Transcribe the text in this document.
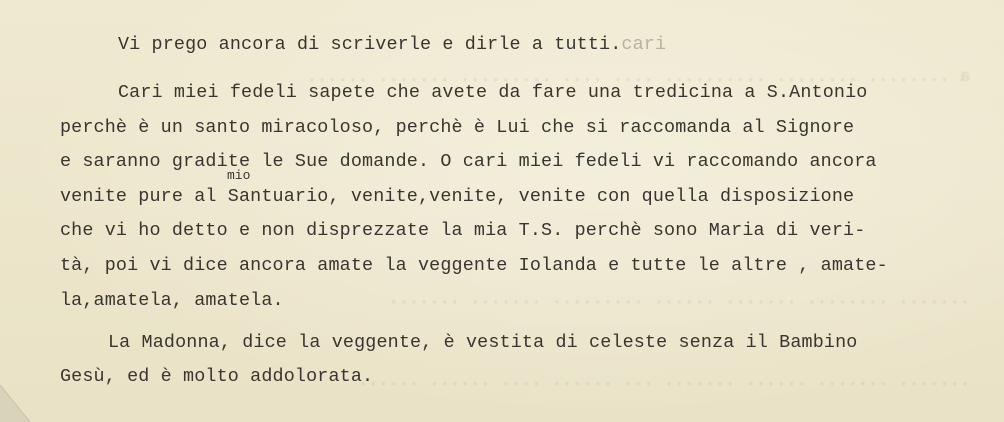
a ........ ........ .......... .... .... ......... ....... ......
....... ........ ....... ...... ......... ....... .......
....... ....... ...... ....... ... ...... .... ...... ......
Vi prego ancora di scriverle e dirle a tutti.cari
Cari miei fedeli sapete che avete da fare una tredicina a S.Antonio
perchè è un santo miracoloso, perchè è Lui che si raccomanda al Signore
e saranno gradite le Sue domande. O cari miei fedeli vi raccomando ancora
mio
venite pure al Santuario, venite,venite, venite con quella disposizione
che vi ho detto e non disprezzate la mia T.S. perchè sono Maria di veri-
tà, poi vi dice ancora amate la veggente Iolanda e tutte le altre , amate-
la,amatela, amatela.
La Madonna, dice la veggente, è vestita di celeste senza il Bambino
Gesù, ed è molto addolorata.
